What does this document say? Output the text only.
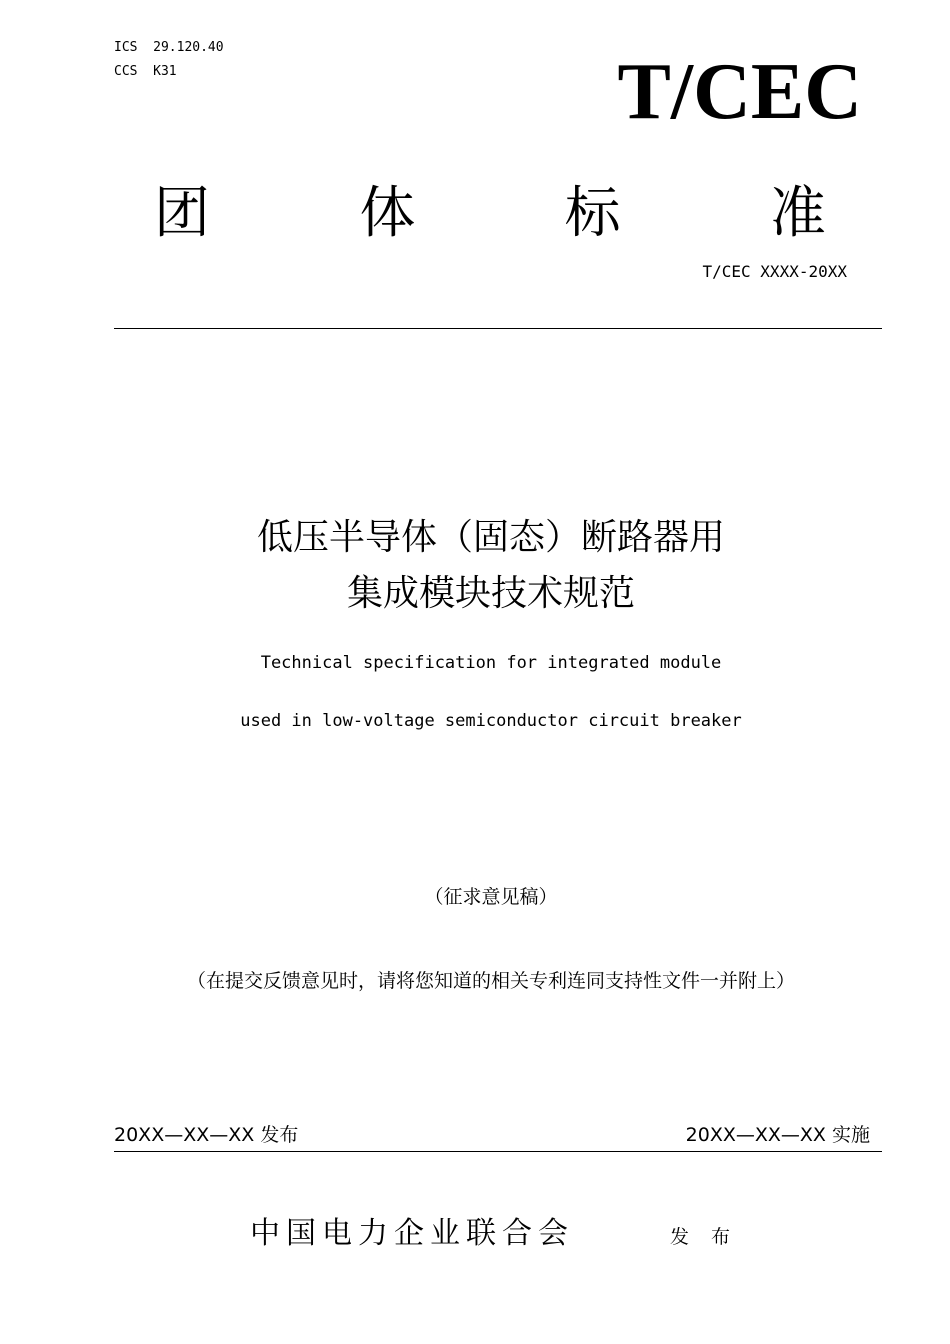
ICS  29.120.40
CCS  K31	T/CEC
团	体	标	准
T/CEC XXXX-20XX
低压半导体（固态）断路器用
集成模块技术规范
Technical specification for integrated module
used in low-voltage semiconductor circuit breaker
（征求意见稿）
（在提交反馈意见时，请将您知道的相关专利连同支持性文件一并附上）
20XX—XX—XX 发布	20XX—XX—XX 实施
中国电力企业联合会	发 布
